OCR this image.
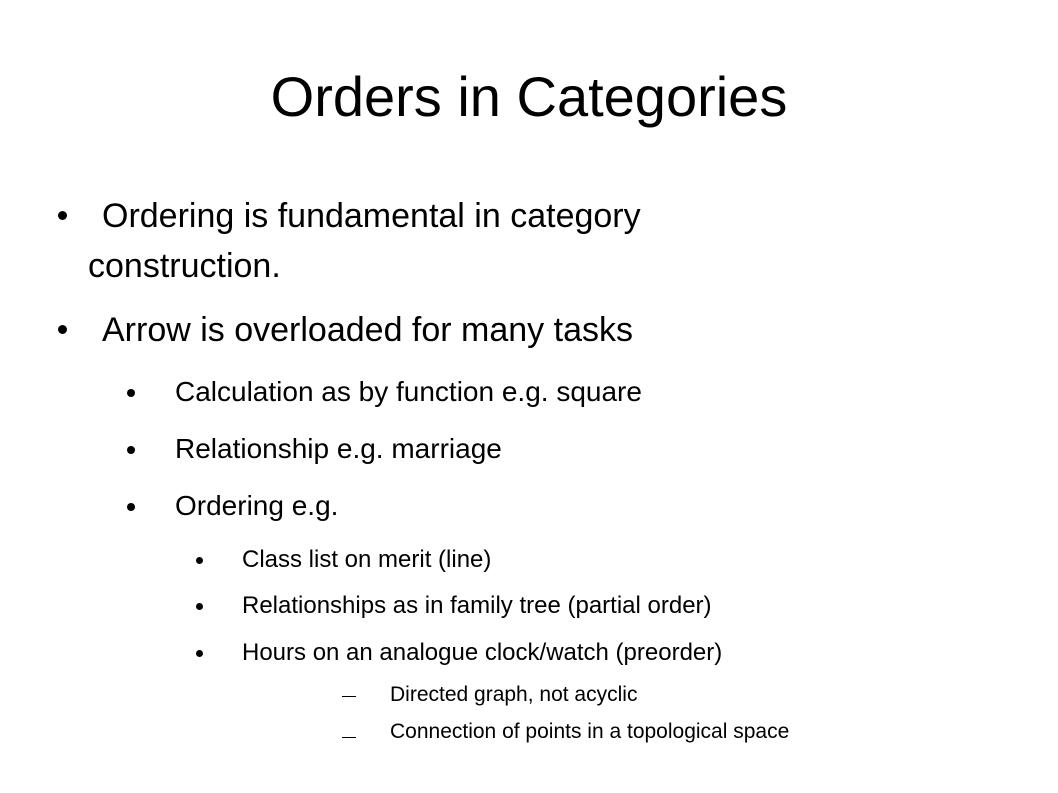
Orders in Categories
Ordering is fundamental in category
construction.
Arrow is overloaded for many tasks
Calculation as by function e.g. square
Relationship e.g. marriage
Ordering e.g.
Class list on merit (line)
Relationships as in family tree (partial order)
Hours on an analogue clock/watch (preorder)
Directed graph, not acyclic
Connection of points in a topological space
